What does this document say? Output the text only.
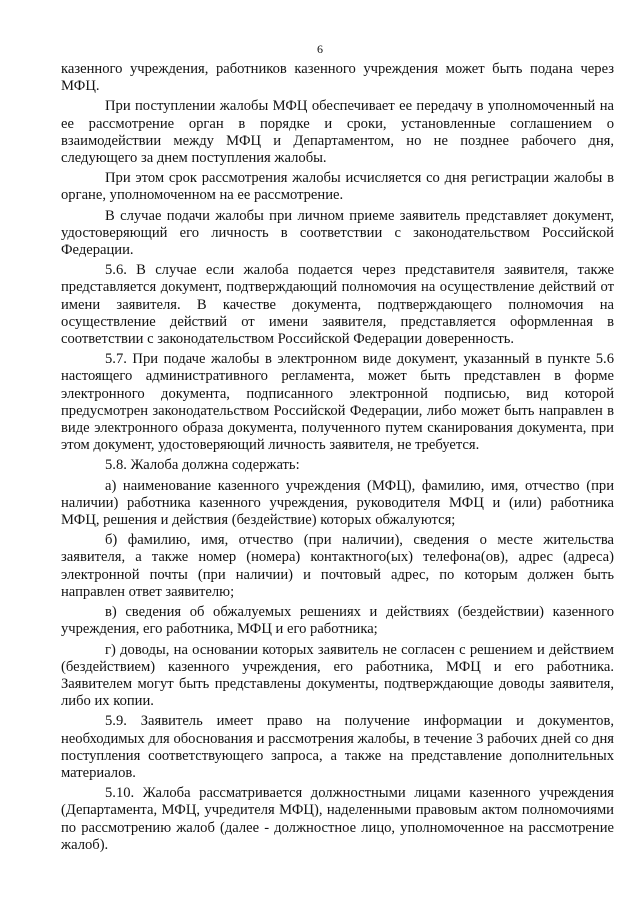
6

казенного учреждения, работников казенного учреждения может быть подана через МФЦ.

При поступлении жалобы МФЦ обеспечивает ее передачу в уполномоченный на ее рассмотрение орган в порядке и сроки, установленные соглашением о взаимодействии между МФЦ и Департаментом, но не позднее рабочего дня, следующего за днем поступления жалобы.

При этом срок рассмотрения жалобы исчисляется со дня регистрации жалобы в органе, уполномоченном на ее рассмотрение.

В случае подачи жалобы при личном приеме заявитель представляет документ, удостоверяющий его личность в соответствии с законодательством Российской Федерации.

5.6. В случае если жалоба подается через представителя заявителя, также представляется документ, подтверждающий полномочия на осуществление действий от имени заявителя. В качестве документа, подтверждающего полномочия на осуществление действий от имени заявителя, представляется оформленная в соответствии с законодательством Российской Федерации доверенность.

5.7. При подаче жалобы в электронном виде документ, указанный в пункте 5.6 настоящего административного регламента, может быть представлен в форме электронного документа, подписанного электронной подписью, вид которой предусмотрен законодательством Российской Федерации, либо может быть направлен в виде электронного образа документа, полученного путем сканирования документа, при этом документ, удостоверяющий личность заявителя, не требуется.

5.8. Жалоба должна содержать:

а) наименование казенного учреждения (МФЦ), фамилию, имя, отчество (при наличии) работника казенного учреждения, руководителя МФЦ и (или) работника МФЦ, решения и действия (бездействие) которых обжалуются;

б) фамилию, имя, отчество (при наличии), сведения о месте жительства заявителя, а также номер (номера) контактного(ых) телефона(ов), адрес (адреса) электронной почты (при наличии) и почтовый адрес, по которым должен быть направлен ответ заявителю;

в) сведения об обжалуемых решениях и действиях (бездействии) казенного учреждения, его работника, МФЦ и его работника;

г) доводы, на основании которых заявитель не согласен с решением и действием (бездействием) казенного учреждения, его работника, МФЦ и его работника. Заявителем могут быть представлены документы, подтверждающие доводы заявителя, либо их копии.

5.9. Заявитель имеет право на получение информации и документов, необходимых для обоснования и рассмотрения жалобы, в течение 3 рабочих дней со дня поступления соответствующего запроса, а также на представление дополнительных материалов.

5.10. Жалоба рассматривается должностными лицами казенного учреждения (Департамента, МФЦ, учредителя МФЦ), наделенными правовым актом полномочиями по рассмотрению жалоб (далее - должностное лицо, уполномоченное на рассмотрение жалоб).
